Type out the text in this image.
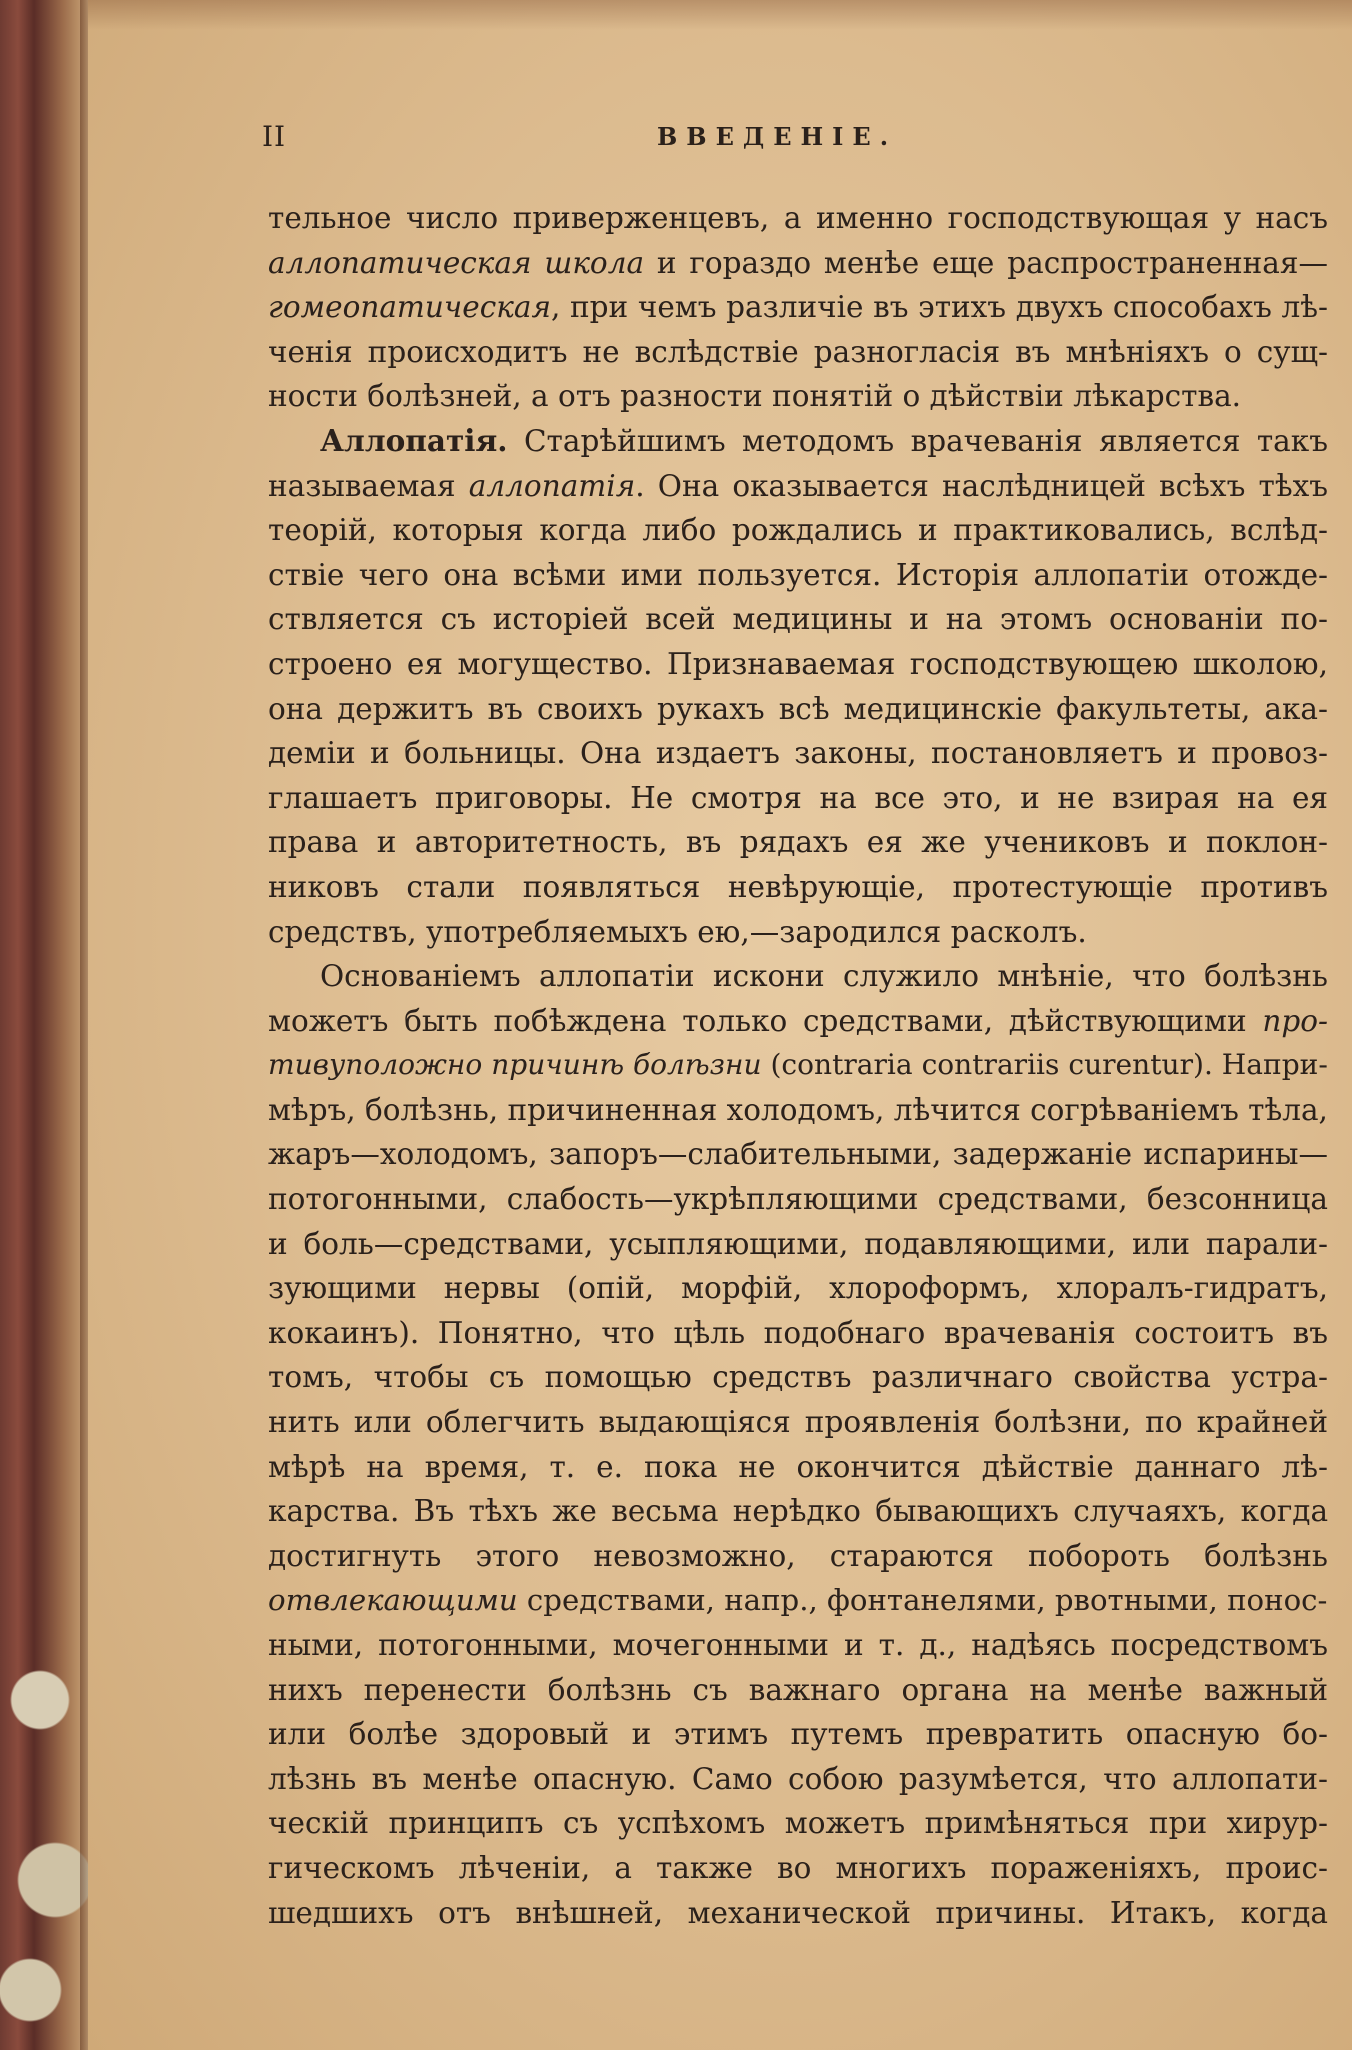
II	ВВЕДЕНІЕ.
тельное число приверженцевъ, а именно господствующая у насъ
аллопатическая школа и гораздо менѣе еще распространенная—
гомеопатическая, при чемъ различіе въ этихъ двухъ способахъ лѣ-
ченія происходитъ не вслѣдствіе разногласія въ мнѣніяхъ о сущ-
ности болѣзней, а отъ разности понятій о дѣйствіи лѣкарства.
Аллопатія. Старѣйшимъ методомъ врачеванія является такъ
называемая аллопатія. Она оказывается наслѣдницей всѣхъ тѣхъ
теорій, которыя когда либо рождались и практиковались, вслѣд-
ствіе чего она всѣми ими пользуется. Исторія аллопатіи отожде-
ствляется съ исторіей всей медицины и на этомъ основаніи по-
строено ея могущество. Признаваемая господствующею школою,
она держитъ въ своихъ рукахъ всѣ медицинскіе факультеты, ака-
деміи и больницы. Она издаетъ законы, постановляетъ и провоз-
глашаетъ приговоры. Не смотря на все это, и не взирая на ея
права и авторитетность, въ рядахъ ея же учениковъ и поклон-
никовъ стали появляться невѣрующіе, протестующіе противъ
средствъ, употребляемыхъ ею,—зародился расколъ.
Основаніемъ аллопатіи искони служило мнѣніе, что болѣзнь
можетъ быть побѣждена только средствами, дѣйствующими про-
тивуположно причинѣ болѣзни (contraria contrariis curentur). Напри-
мѣръ, болѣзнь, причиненная холодомъ, лѣчится согрѣваніемъ тѣла,
жаръ—холодомъ, запоръ—слабительными, задержаніе испарины—
потогонными, слабость—укрѣпляющими средствами, безсонница
и боль—средствами, усыпляющими, подавляющими, или парали-
зующими нервы (опій, морфій, хлороформъ, хлоралъ-гидратъ,
кокаинъ). Понятно, что цѣль подобнаго врачеванія состоитъ въ
томъ, чтобы съ помощью средствъ различнаго свойства устра-
нить или облегчить выдающіяся проявленія болѣзни, по крайней
мѣрѣ на время, т. е. пока не окончится дѣйствіе даннаго лѣ-
карства. Въ тѣхъ же весьма нерѣдко бывающихъ случаяхъ, когда
достигнуть этого невозможно, стараются побороть болѣзнь
отвлекающими средствами, напр., фонтанелями, рвотными, понос-
ными, потогонными, мочегонными и т. д., надѣясь посредствомъ
нихъ перенести болѣзнь съ важнаго органа на менѣе важный
или болѣе здоровый и этимъ путемъ превратить опасную бо-
лѣзнь въ менѣе опасную. Само собою разумѣется, что аллопати-
ческій принципъ съ успѣхомъ можетъ примѣняться при хирур-
гическомъ лѣченіи, а также во многихъ пораженіяхъ, проис-
шедшихъ отъ внѣшней, механической причины. Итакъ, когда
